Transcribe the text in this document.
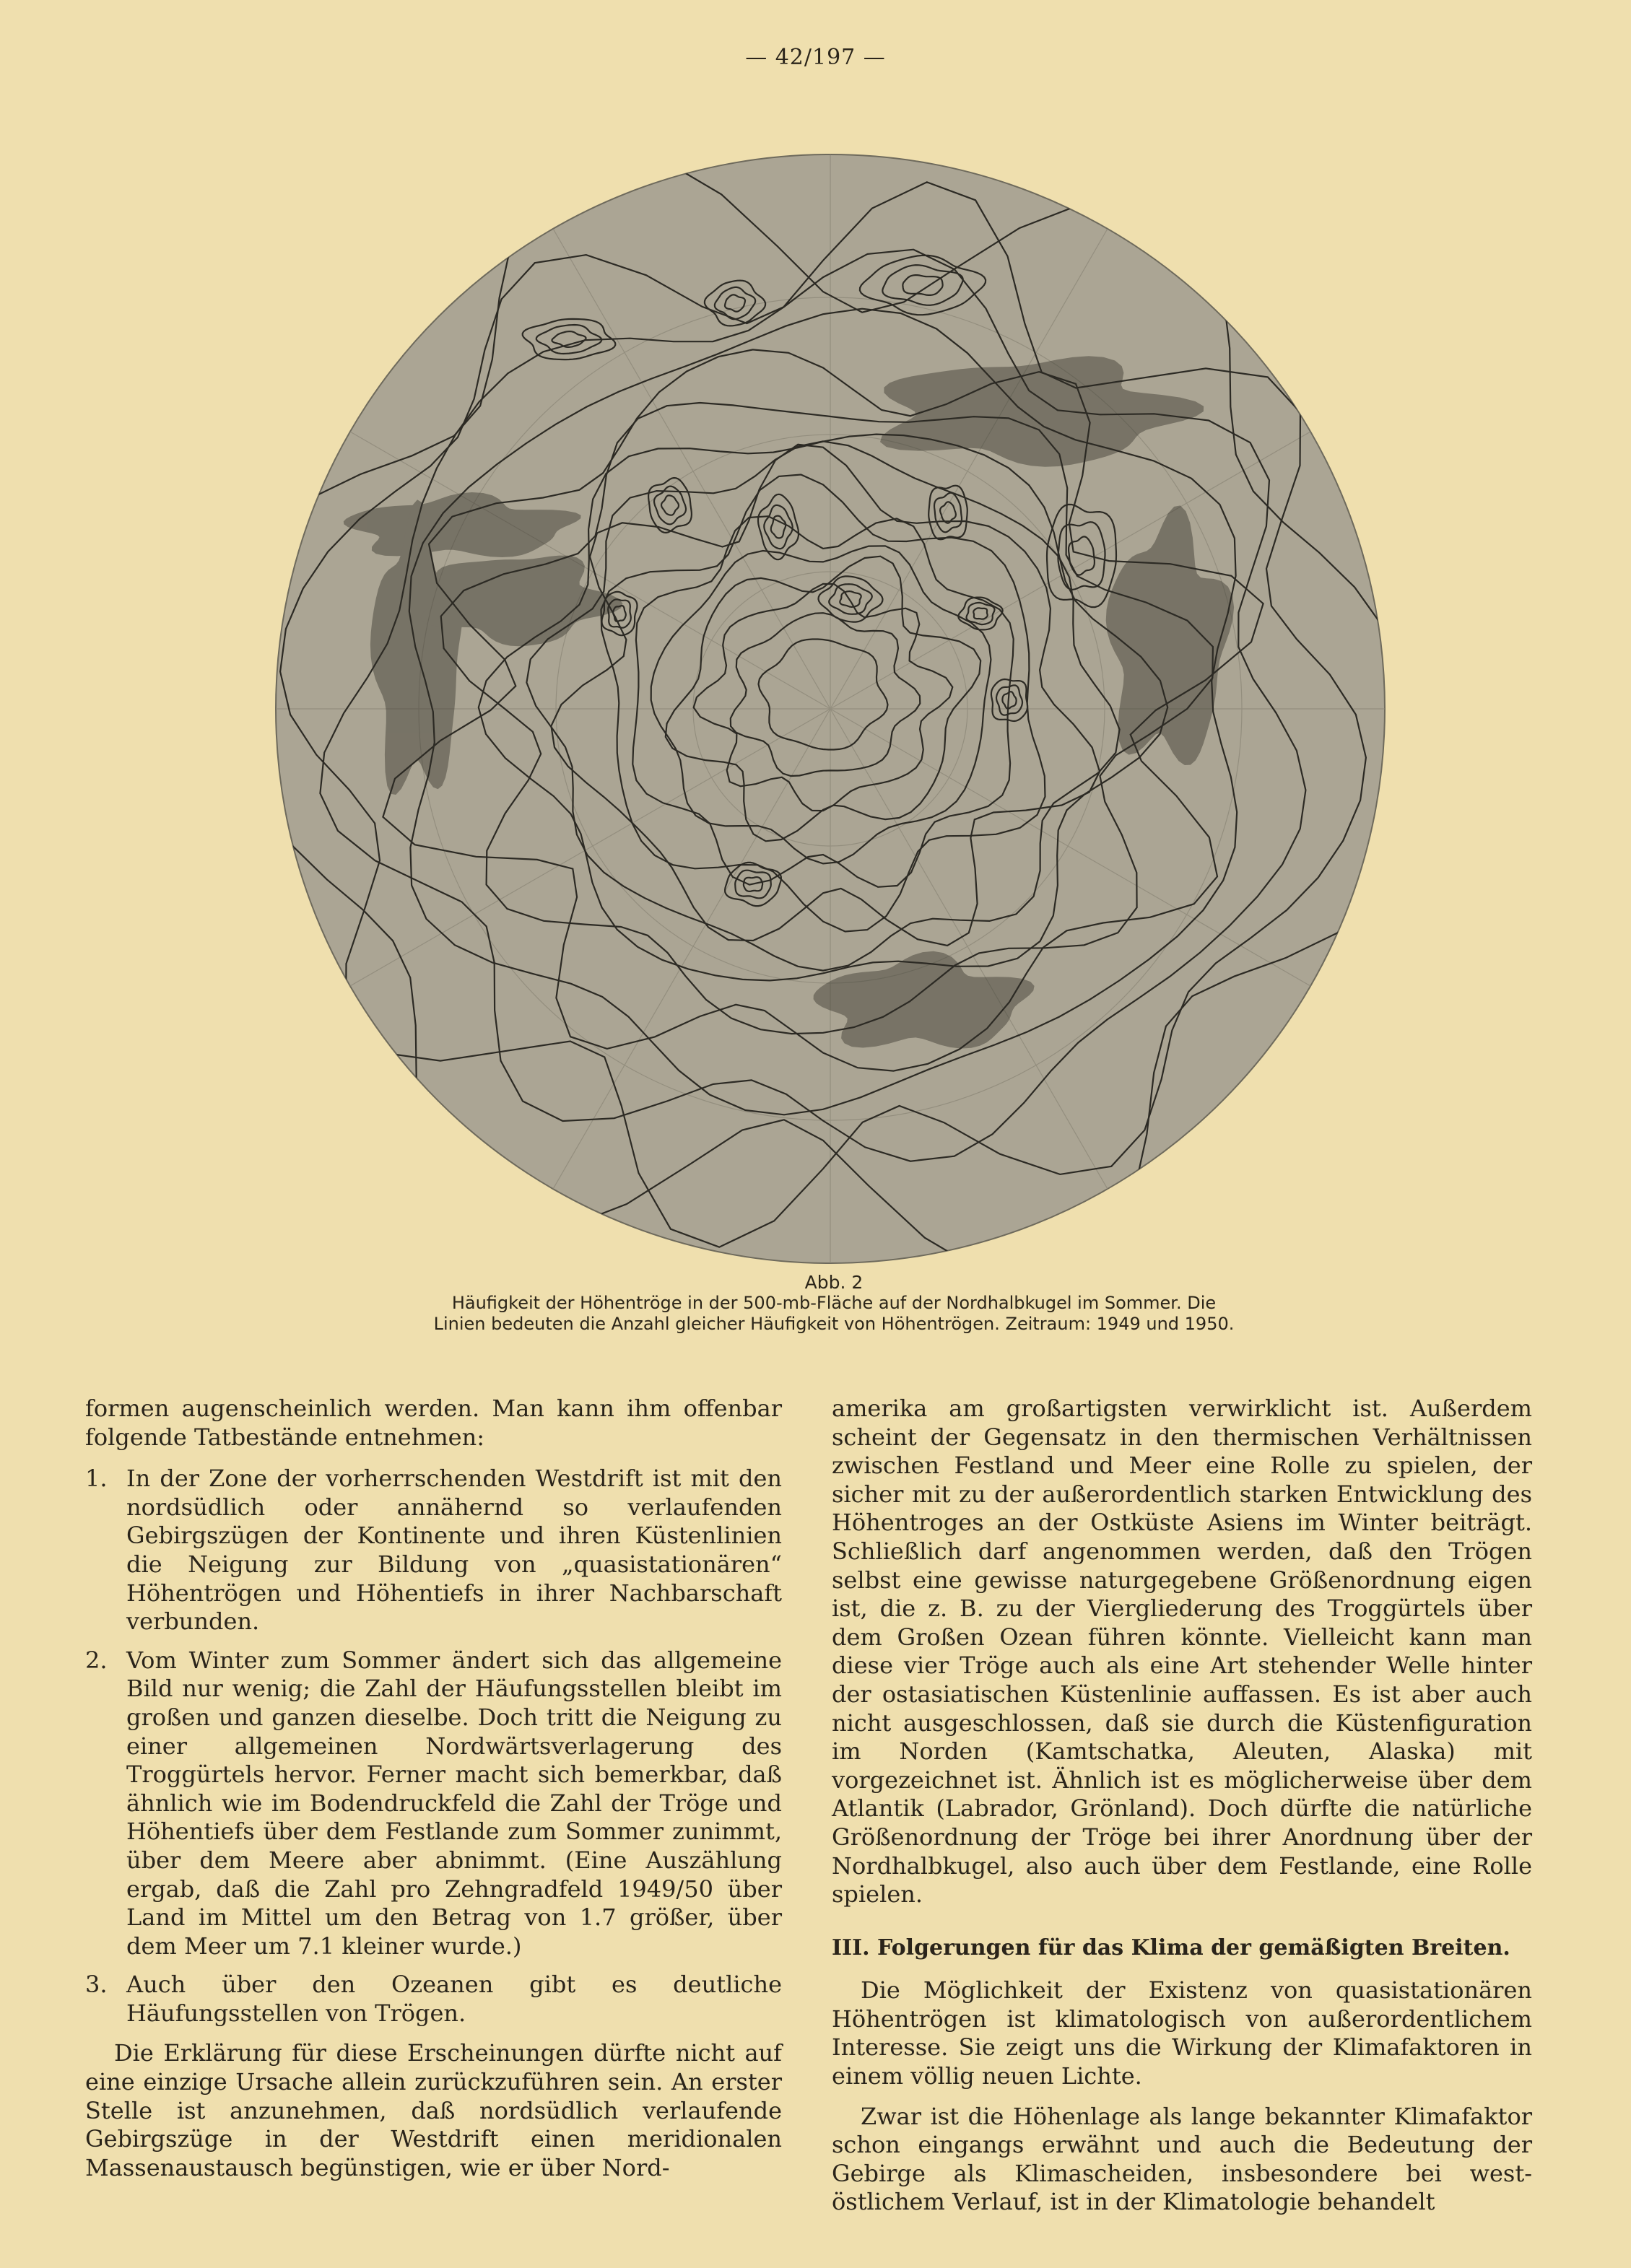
— 42/197 —
Abb. 2
Häufigkeit der Höhentröge in der 500-mb-Fläche auf der Nordhalbkugel im Sommer. Die Linien bedeuten die Anzahl gleicher Häufigkeit von Höhentrögen. Zeitraum: 1949 und 1950.

formen augenscheinlich werden. Man kann ihm offenbar folgende Tatbestände entnehmen:

1. In der Zone der vorherrschenden Westdrift ist mit den nordsüdlich oder annähernd so verlaufenden Gebirgszügen der Kontinente und ihren Küstenlinien die Neigung zur Bildung von „quasistationären“ Höhentrögen und Höhentiefs in ihrer Nachbarschaft verbunden.
2. Vom Winter zum Sommer ändert sich das allgemeine Bild nur wenig; die Zahl der Häufungsstellen bleibt im großen und ganzen dieselbe. Doch tritt die Neigung zu einer allgemeinen Nordwärtsverlagerung des Troggürtels hervor. Ferner macht sich bemerkbar, daß ähnlich wie im Bodendruckfeld die Zahl der Tröge und Höhentiefs über dem Festlande zum Sommer zunimmt, über dem Meere aber abnimmt. (Eine Auszählung ergab, daß die Zahl pro Zehngradfeld 1949/50 über Land im Mittel um den Betrag von 1.7 größer, über dem Meer um 7.1 kleiner wurde.)
3. Auch über den Ozeanen gibt es deutliche Häufungsstellen von Trögen.

Die Erklärung für diese Erscheinungen dürfte nicht auf eine einzige Ursache allein zurückzuführen sein. An erster Stelle ist anzunehmen, daß nordsüdlich verlaufende Gebirgszüge in der Westdrift einen meridionalen Massenaustausch begünstigen, wie er über Nord-

amerika am großartigsten verwirklicht ist. Außerdem scheint der Gegensatz in den thermischen Verhältnissen zwischen Festland und Meer eine Rolle zu spielen, der sicher mit zu der außerordentlich starken Entwicklung des Höhentroges an der Ostküste Asiens im Winter beiträgt. Schließlich darf angenommen werden, daß den Trögen selbst eine gewisse naturgegebene Größenordnung eigen ist, die z. B. zu der Viergliederung des Troggürtels über dem Großen Ozean führen könnte. Vielleicht kann man diese vier Tröge auch als eine Art stehender Welle hinter der ostasiatischen Küstenlinie auffassen. Es ist aber auch nicht ausgeschlossen, daß sie durch die Küstenfiguration im Norden (Kamtschatka, Aleuten, Alaska) mit vorgezeichnet ist. Ähnlich ist es möglicherweise über dem Atlantik (Labrador, Grönland). Doch dürfte die natürliche Größenordnung der Tröge bei ihrer Anordnung über der Nordhalbkugel, also auch über dem Festlande, eine Rolle spielen.

III. Folgerungen für das Klima der gemäßigten Breiten.

Die Möglichkeit der Existenz von quasistationären Höhentrögen ist klimatologisch von außerordentlichem Interesse. Sie zeigt uns die Wirkung der Klimafaktoren in einem völlig neuen Lichte.

Zwar ist die Höhenlage als lange bekannter Klimafaktor schon eingangs erwähnt und auch die Bedeutung der Gebirge als Klimascheiden, insbesondere bei west-östlichem Verlauf, ist in der Klimatologie behandelt
